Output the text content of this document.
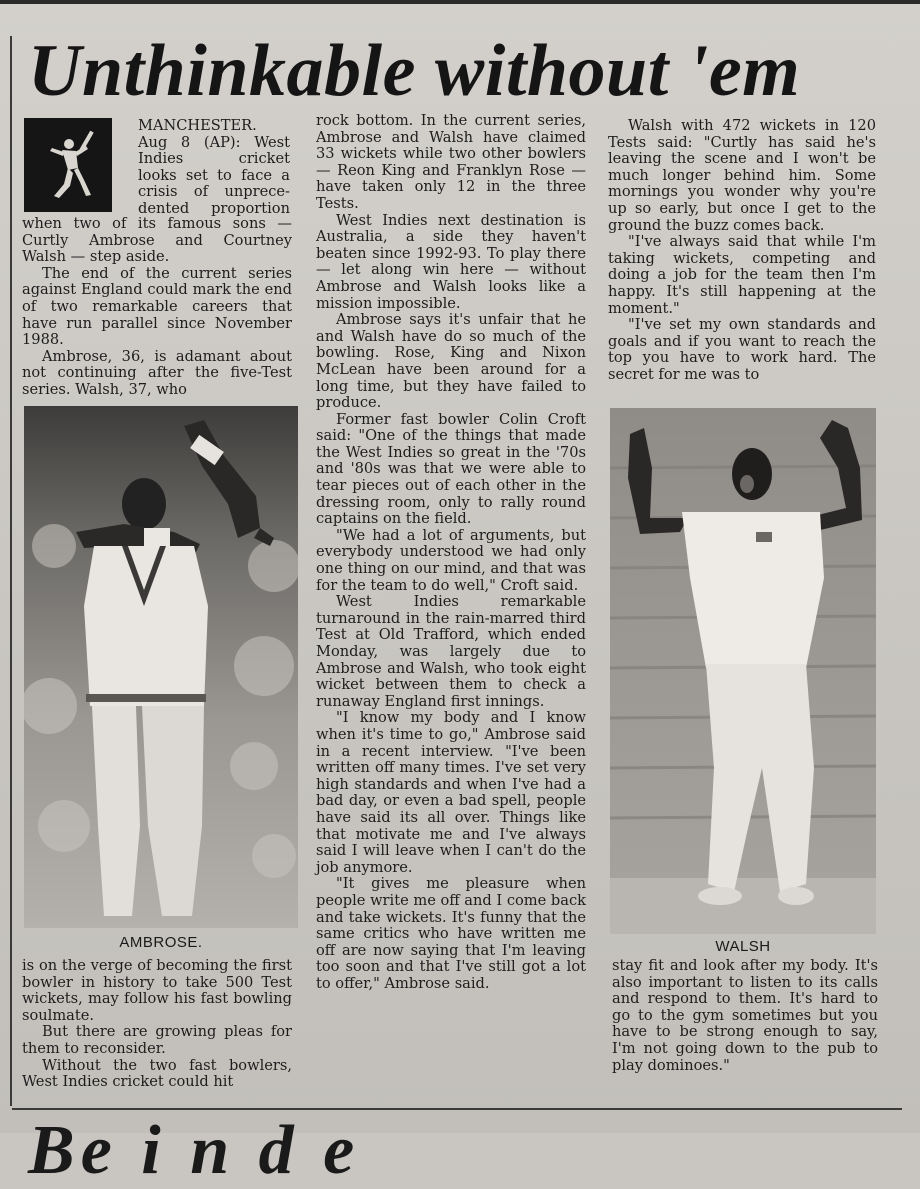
Unthinkable without 'em
MANCHESTER.
Aug 8 (AP): West
Indies cricket
looks set to face a
crisis of unprece-
dented proportion

when two of its famous sons — Curtly Ambrose and Courtney Walsh — step aside.

The end of the current series against England could mark the end of two remarkable careers that have run parallel since November 1988.

Ambrose, 36, is adamant about not continuing after the five-Test series. Walsh, 37, who

AMBROSE.

is on the verge of becoming the first bowler in history to take 500 Test wickets, may follow his fast bowling soulmate.

But there are growing pleas for them to reconsider.

Without the two fast bowlers, West Indies cricket could hit

rock bottom. In the current series, Ambrose and Walsh have claimed 33 wickets while two other bowlers — Reon King and Franklyn Rose — have taken only 12 in the three Tests.

West Indies next destination is Australia, a side they haven't beaten since 1992-93. To play there — let along win here — without Ambrose and Walsh looks like a mission impossible.

Ambrose says it's unfair that he and Walsh have do so much of the bowling. Rose, King and Nixon McLean have been around for a long time, but they have failed to produce.

Former fast bowler Colin Croft said: "One of the things that made the West Indies so great in the '70s and '80s was that we were able to tear pieces out of each other in the dressing room, only to rally round captains on the field.

"We had a lot of arguments, but everybody understood we had only one thing on our mind, and that was for the team to do well," Croft said.

West Indies remarkable turnaround in the rain-marred third Test at Old Trafford, which ended Monday, was largely due to Ambrose and Walsh, who took eight wicket between them to check a runaway England first innings.

"I know my body and I know when it's time to go," Ambrose said in a recent interview. "I've been written off many times. I've set very high standards and when I've had a bad day, or even a bad spell, people have said its all over. Things like that motivate me and I've always said I will leave when I can't do the job anymore.

"It gives me pleasure when people write me off and I come back and take wickets. It's funny that the same critics who have written me off are now saying that I'm leaving too soon and that I've still got a lot to offer," Ambrose said.

Walsh with 472 wickets in 120 Tests said: "Curtly has said he's leaving the scene and I won't be much longer behind him. Some mornings you wonder why you're up so early, but once I get to the ground the buzz comes back.

"I've always said that while I'm taking wickets, competing and doing a job for the team then I'm happy. It's still happening at the moment."

"I've set my own standards and goals and if you want to reach the top you have to work hard. The secret for me was to

WALSH

stay fit and look after my body. It's also important to listen to its calls and respond to them. It's hard to go to the gym sometimes but you have to be strong enough to say, I'm not going down to the pub to play dominoes."

Be i n d e
